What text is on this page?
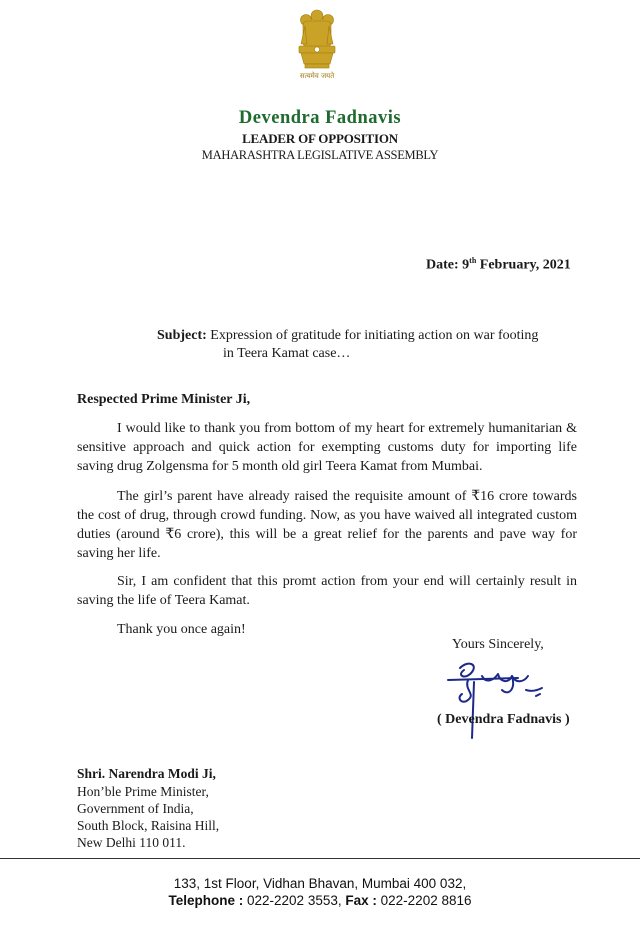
सत्यमेव जयते
Devendra Fadnavis
LEADER OF OPPOSITION
MAHARASHTRA LEGISLATIVE ASSEMBLY
Date: 9th February, 2021
Subject: Expression of gratitude for initiating action on war footing
in Teera Kamat case…
Respected Prime Minister Ji,
I would like to thank you from bottom of my heart for extremely humanitarian & sensitive approach and quick action for exempting customs duty for importing life saving drug Zolgensma for 5 month old girl Teera Kamat from Mumbai.
The girl’s parent have already raised the requisite amount of ₹16 crore towards the cost of drug, through crowd funding. Now, as you have waived all integrated custom duties (around ₹6 crore), this will be a great relief for the parents and pave way for saving her life.
Sir, I am confident that this promt action from your end will certainly result in saving the life of Teera Kamat.
Thank you once again!
Yours Sincerely,
( Devendra Fadnavis )
Shri. Narendra Modi Ji,
Hon’ble Prime Minister,
Government of India,
South Block, Raisina Hill,
New Delhi 110 011.
133, 1st Floor, Vidhan Bhavan, Mumbai 400 032,
Telephone : 022-2202 3553, Fax : 022-2202 8816
